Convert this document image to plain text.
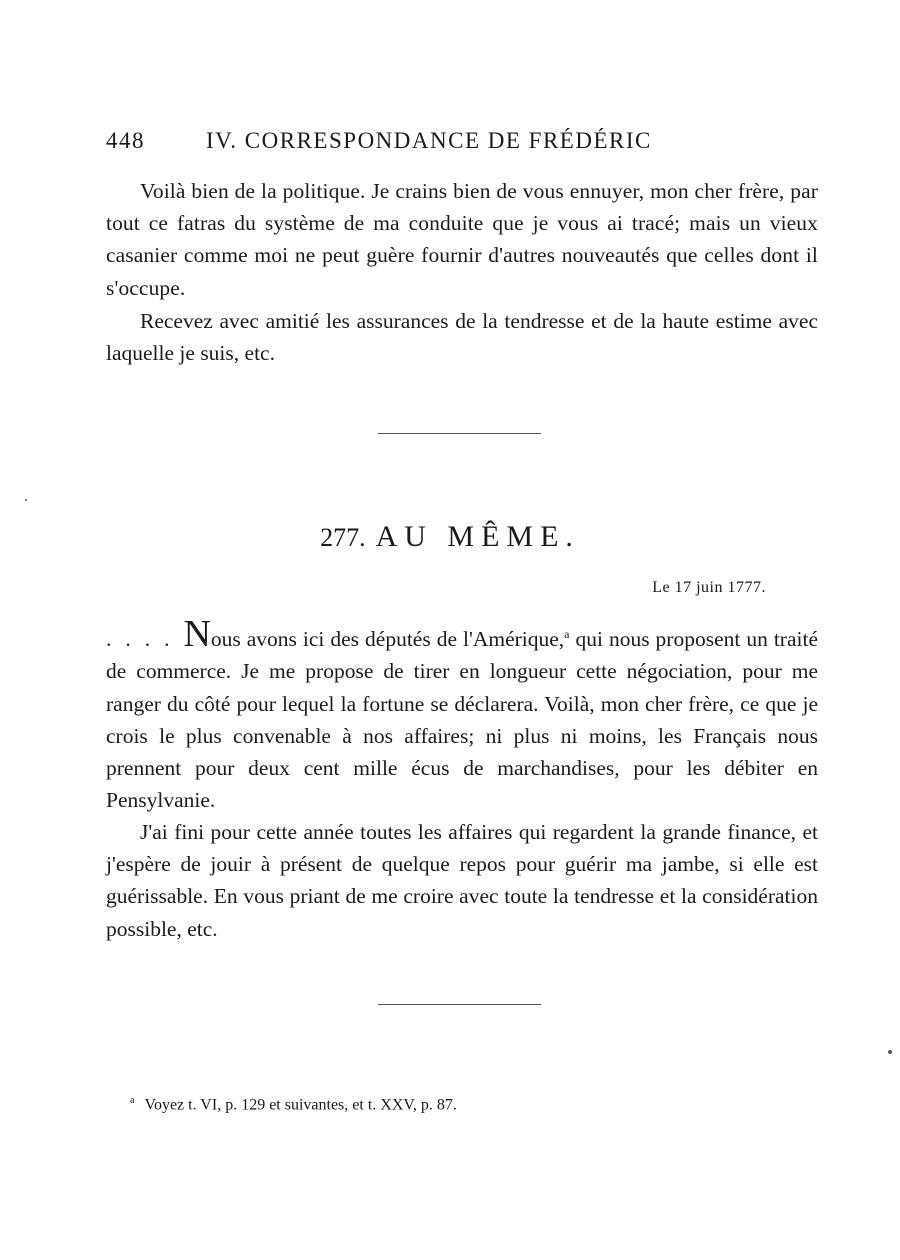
448	IV. CORRESPONDANCE DE FRÉDÉRIC

Voilà bien de la politique. Je crains bien de vous ennuyer, mon cher frère, par tout ce fatras du système de ma conduite que je vous ai tracé; mais un vieux casanier comme moi ne peut guère fournir d'autres nouveautés que celles dont il s'occupe.

Recevez avec amitié les assurances de la tendresse et de la haute estime avec laquelle je suis, etc.

277. AU MÊME.
Le 17 juin 1777.

. . . . Nous avons ici des députés de l'Amérique,$^a$ qui nous proposent un traité de commerce. Je me propose de tirer en longueur cette négociation, pour me ranger du côté pour lequel la fortune se déclarera. Voilà, mon cher frère, ce que je crois le plus convenable à nos affaires; ni plus ni moins, les Français nous prennent pour deux cent mille écus de marchandises, pour les débiter en Pensylvanie.

J'ai fini pour cette année toutes les affaires qui regardent la grande finance, et j'espère de jouir à présent de quelque repos pour guérir ma jambe, si elle est guérissable. En vous priant de me croire avec toute la tendresse et la considération possible, etc.

$^a$ Voyez t. VI, p. 129 et suivantes, et t. XXV, p. 87.
